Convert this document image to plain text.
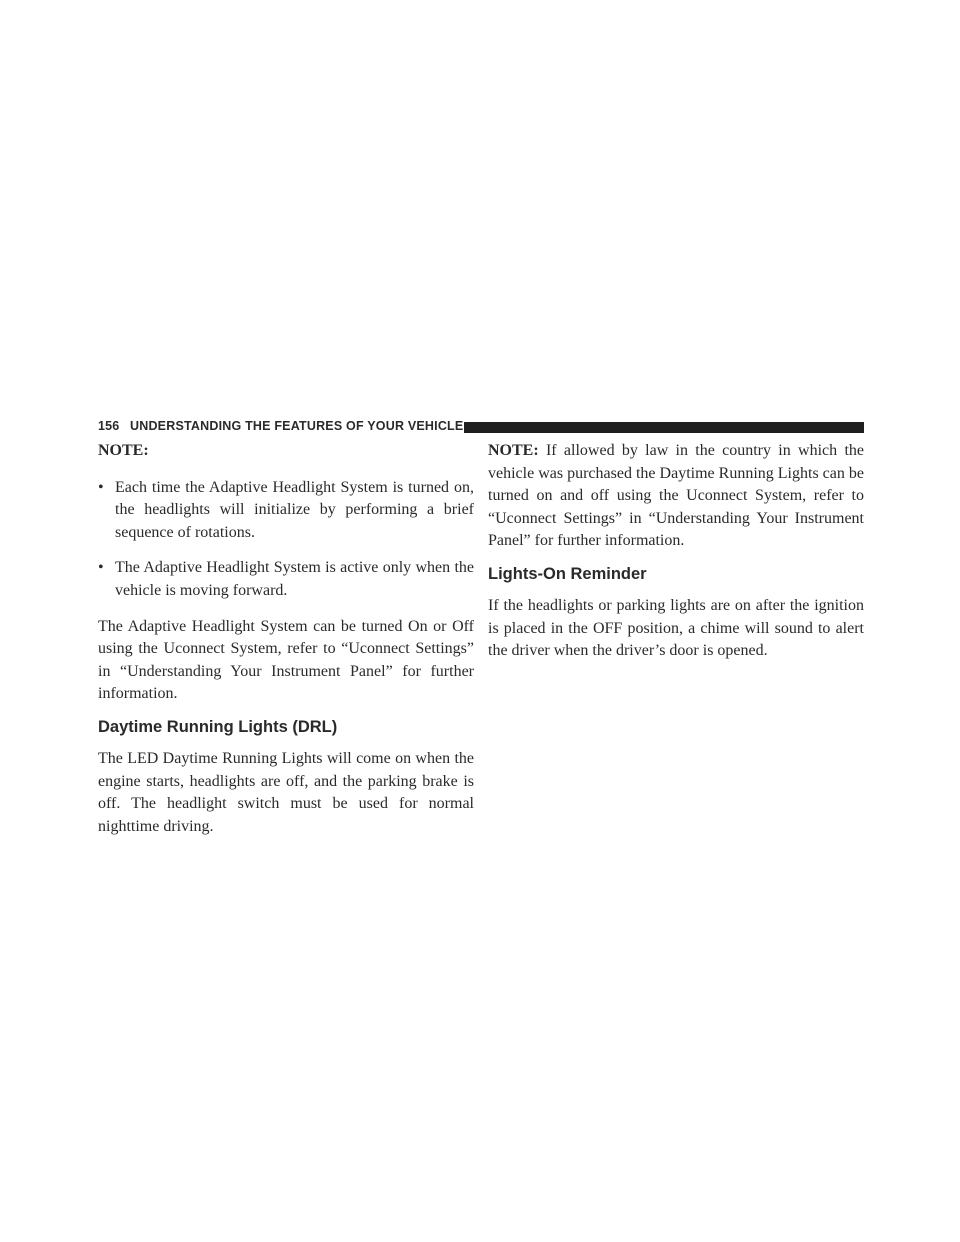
156 UNDERSTANDING THE FEATURES OF YOUR VEHICLE
NOTE:
• Each time the Adaptive Headlight System is turned on, the headlights will initialize by performing a brief sequence of rotations.
• The Adaptive Headlight System is active only when the vehicle is moving forward.

The Adaptive Headlight System can be turned On or Off using the Uconnect System, refer to “Uconnect Settings” in “Understanding Your Instrument Panel” for further information.

Daytime Running Lights (DRL)

The LED Daytime Running Lights will come on when the engine starts, headlights are off, and the parking brake is off. The headlight switch must be used for normal nighttime driving.

NOTE: If allowed by law in the country in which the vehicle was purchased the Daytime Running Lights can be turned on and off using the Uconnect System, refer to “Uconnect Settings” in “Understanding Your Instrument Panel” for further information.

Lights-On Reminder

If the headlights or parking lights are on after the ignition is placed in the OFF position, a chime will sound to alert the driver when the driver’s door is opened.
